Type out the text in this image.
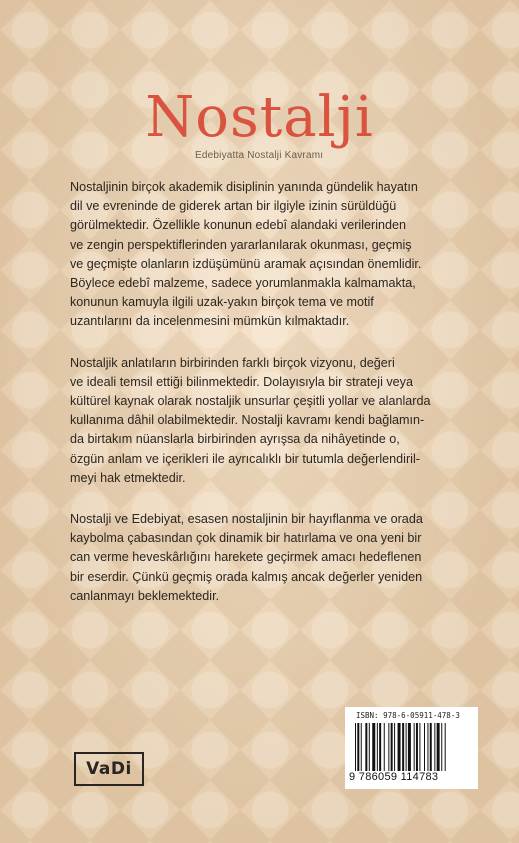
Nostalji
Edebiyatta Nostalji Kavramı

Nostaljinin birçok akademik disiplinin yanında gündelik hayatın
dil ve evreninde de giderek artan bir ilgiyle izinin sürüldüğü
görülmektedir. Özellikle konunun edebî alandaki verilerinden
ve zengin perspektiflerinden yararlanılarak okunması, geçmiş
ve geçmişte olanların izdüşümünü aramak açısından önemlidir.
Böylece edebî malzeme, sadece yorumlanmakla kalmamakta,
konunun kamuyla ilgili uzak-yakın birçok tema ve motif
uzantılarını da incelenmesini mümkün kılmaktadır.

Nostaljik anlatıların birbirinden farklı birçok vizyonu, değeri
ve ideali temsil ettiği bilinmektedir. Dolayısıyla bir strateji veya
kültürel kaynak olarak nostaljik unsurlar çeşitli yollar ve alanlarda
kullanıma dâhil olabilmektedir. Nostalji kavramı kendi bağlamın-
da birtakım nüanslarla birbirinden ayrışsa da nihâyetinde o,
özgün anlam ve içerikleri ile ayrıcalıklı bir tutumla değerlendiril-
meyi hak etmektedir.

Nostalji ve Edebiyat, esasen nostaljinin bir hayıflanma ve orada
kaybolma çabasından çok dinamik bir hatırlama ve ona yeni bir
can verme heveskârlığını harekete geçirmek amacı hedeflenen
bir eserdir. Çünkü geçmiş orada kalmış ancak değerler yeniden
canlanmayı beklemektedir.

VaDi
ISBN: 978-6-05911-478-3
9 786059 114783
